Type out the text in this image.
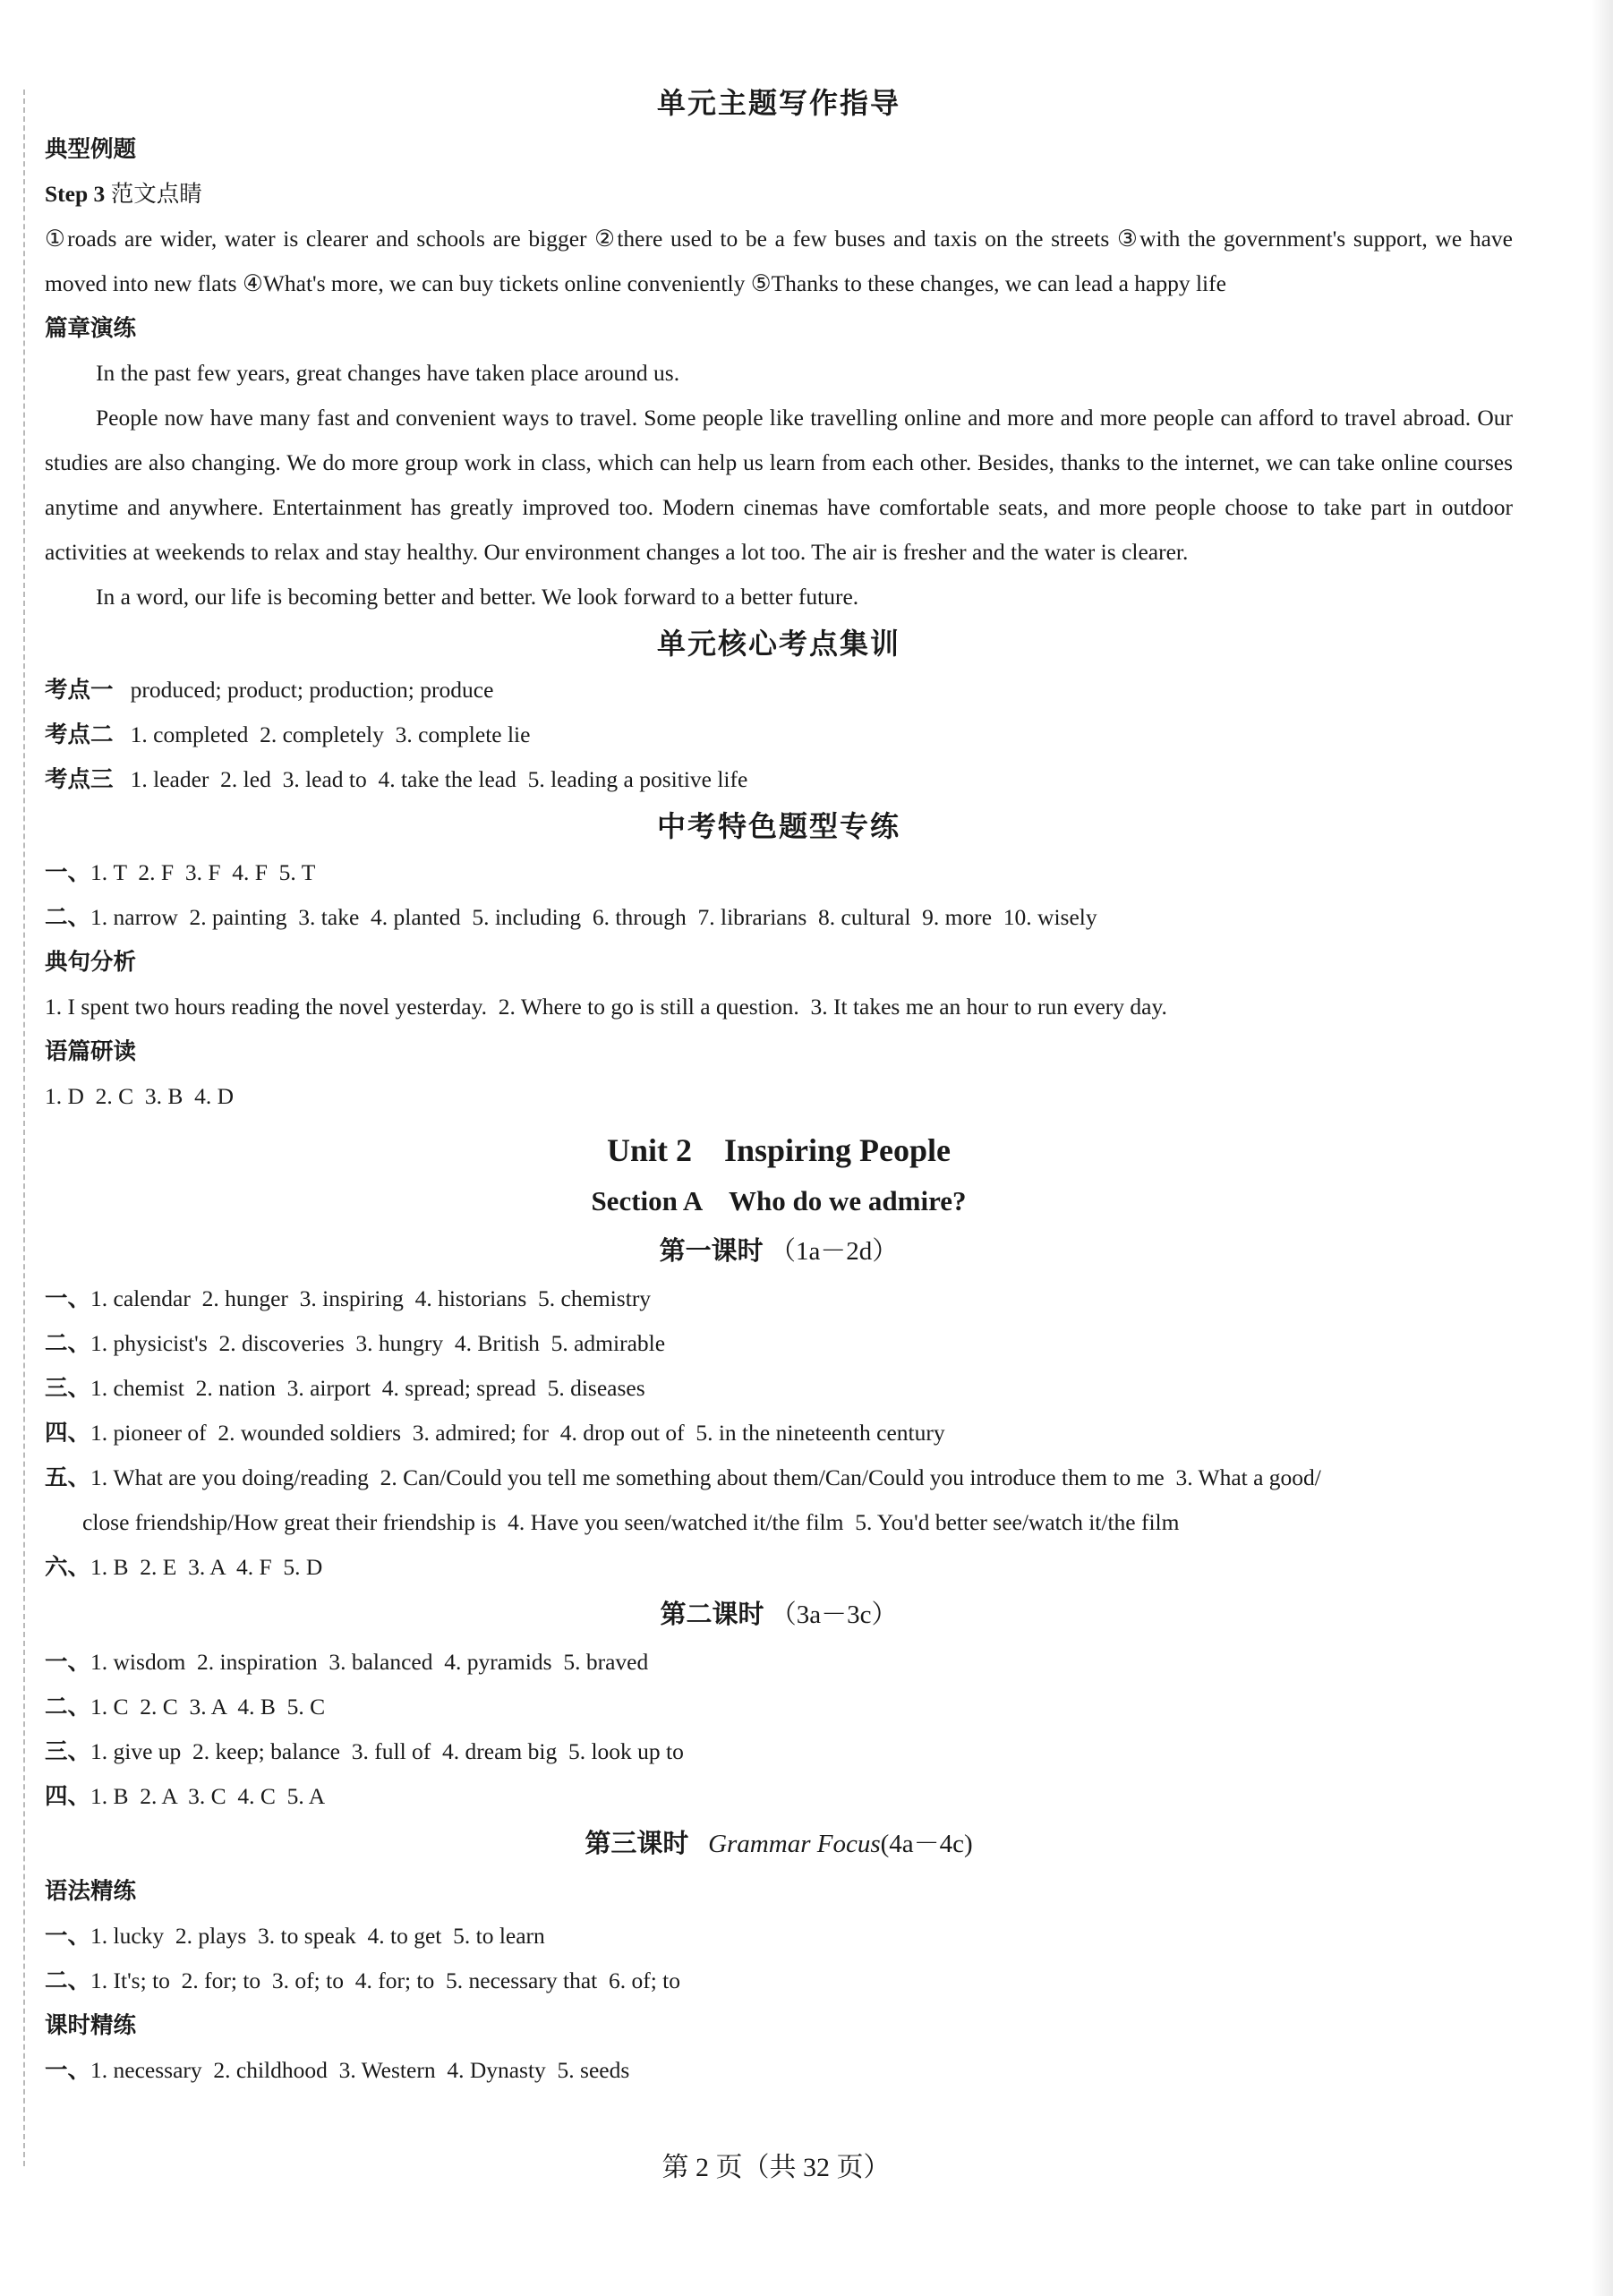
单元主题写作指导
典型例题
Step 3 范文点睛
①roads are wider, water is clearer and schools are bigger ②there used to be a few buses and taxis on the streets ③with the government's support, we have moved into new flats ④What's more, we can buy tickets online conveniently ⑤Thanks to these changes, we can lead a happy life
篇章演练
In the past few years, great changes have taken place around us.
People now have many fast and convenient ways to travel. Some people like travelling online and more and more people can afford to travel abroad. Our studies are also changing. We do more group work in class, which can help us learn from each other. Besides, thanks to the internet, we can take online courses anytime and anywhere. Entertainment has greatly improved too. Modern cinemas have comfortable seats, and more people choose to take part in outdoor activities at weekends to relax and stay healthy. Our environment changes a lot too. The air is fresher and the water is clearer.
In a word, our life is becoming better and better. We look forward to a better future.
单元核心考点集训
考点一 produced; product; production; produce
考点二 1. completed  2. completely  3. complete lie
考点三 1. leader  2. led  3. lead to  4. take the lead  5. leading a positive life
中考特色题型专练
一、1. T  2. F  3. F  4. F  5. T
二、1. narrow  2. painting  3. take  4. planted  5. including  6. through  7. librarians  8. cultural  9. more  10. wisely
典句分析
1. I spent two hours reading the novel yesterday.  2. Where to go is still a question.  3. It takes me an hour to run every day.
语篇研读
1. D  2. C  3. B  4. D
Unit 2    Inspiring People
Section A    Who do we admire?
第一课时 （1a－2d）
一、1. calendar  2. hunger  3. inspiring  4. historians  5. chemistry
二、1. physicist's  2. discoveries  3. hungry  4. British  5. admirable
三、1. chemist  2. nation  3. airport  4. spread; spread  5. diseases
四、1. pioneer of  2. wounded soldiers  3. admired; for  4. drop out of  5. in the nineteenth century
五、1. What are you doing/reading  2. Can/Could you tell me something about them/Can/Could you introduce them to me  3. What a good/
close friendship/How great their friendship is  4. Have you seen/watched it/the film  5. You'd better see/watch it/the film
六、1. B  2. E  3. A  4. F  5. D
第二课时 （3a－3c）
一、1. wisdom  2. inspiration  3. balanced  4. pyramids  5. braved
二、1. C  2. C  3. A  4. B  5. C
三、1. give up  2. keep; balance  3. full of  4. dream big  5. look up to
四、1. B  2. A  3. C  4. C  5. A
第三课时 Grammar Focus(4a－4c)
语法精练
一、1. lucky  2. plays  3. to speak  4. to get  5. to learn
二、1. It's; to  2. for; to  3. of; to  4. for; to  5. necessary that  6. of; to
课时精练
一、1. necessary  2. childhood  3. Western  4. Dynasty  5. seeds
第 2 页（共 32 页）
